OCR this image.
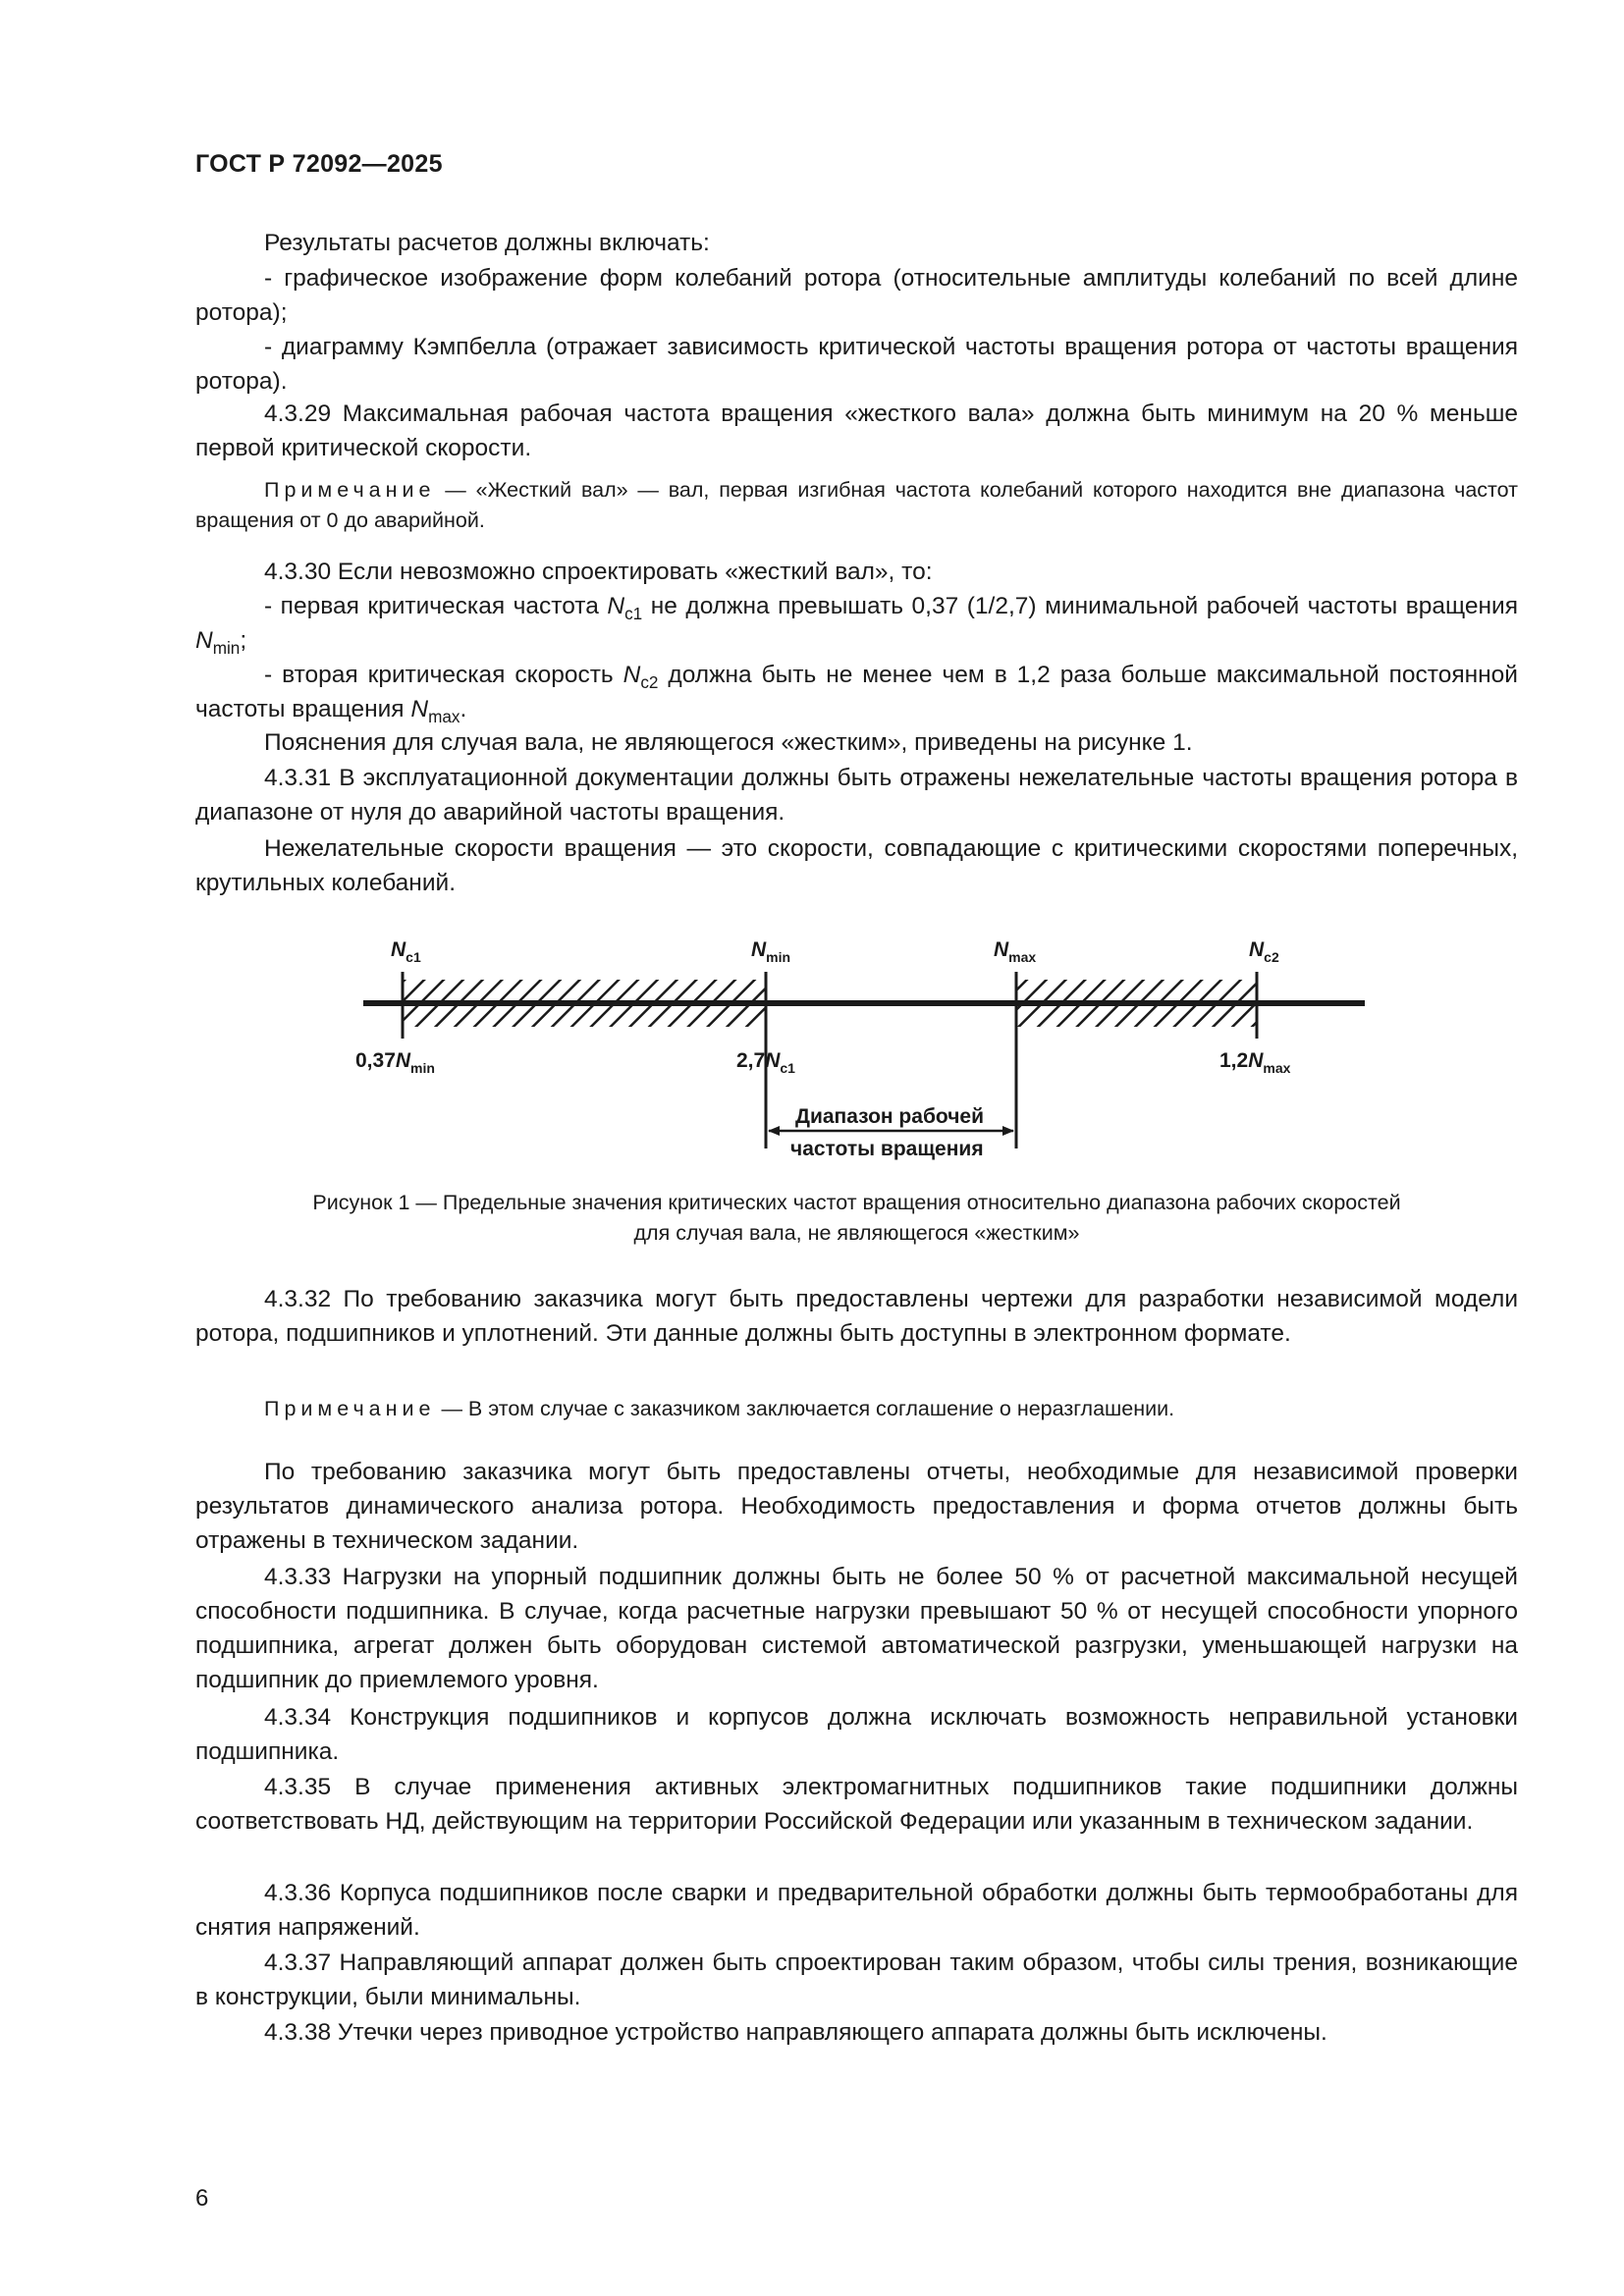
ГОСТ Р 72092—2025

Результаты расчетов должны включать:

- графическое изображение форм колебаний ротора (относительные амплитуды колебаний по всей длине ротора);

- диаграмму Кэмпбелла (отражает зависимость критической частоты вращения ротора от частоты вращения ротора).

4.3.29 Максимальная рабочая частота вращения «жесткого вала» должна быть минимум на 20 % меньше первой критической скорости.

Примечание — «Жесткий вал» — вал, первая изгибная частота колебаний которого находится вне диапазона частот вращения от 0 до аварийной.

4.3.30 Если невозможно спроектировать «жесткий вал», то:

- первая критическая частота $N_{c1}$ не должна превышать 0,37 (1/2,7) минимальной рабочей частоты вращения $N_{min}$;

- вторая критическая скорость $N_{c2}$ должна быть не менее чем в 1,2 раза больше максимальной постоянной частоты вращения $N_{max}$.

Пояснения для случая вала, не являющегося «жестким», приведены на рисунке 1.

4.3.31 В эксплуатационной документации должны быть отражены нежелательные частоты вращения ротора в диапазоне от нуля до аварийной частоты вращения.

Нежелательные скорости вращения — это скорости, совпадающие с критическими скоростями поперечных, крутильных колебаний.

$N_{c1}$	$N_{min}$	$N_{max}$	$N_{c2}$
$0,37N_{min}$	$2,7N_{c1}$	$1,2N_{max}$
Диапазон рабочей
частоты вращения

Рисунок 1 — Предельные значения критических частот вращения относительно диапазона рабочих скоростей

для случая вала, не являющегося «жестким»

4.3.32 По требованию заказчика могут быть предоставлены чертежи для разработки независимой модели ротора, подшипников и уплотнений. Эти данные должны быть доступны в электронном формате.

Примечание — В этом случае с заказчиком заключается соглашение о неразглашении.

По требованию заказчика могут быть предоставлены отчеты, необходимые для независимой проверки результатов динамического анализа ротора. Необходимость предоставления и форма отчетов должны быть отражены в техническом задании.

4.3.33 Нагрузки на упорный подшипник должны быть не более 50 % от расчетной максимальной несущей способности подшипника. В случае, когда расчетные нагрузки превышают 50 % от несущей способности упорного подшипника, агрегат должен быть оборудован системой автоматической разгрузки, уменьшающей нагрузки на подшипник до приемлемого уровня.

4.3.34 Конструкция подшипников и корпусов должна исключать возможность неправильной установки подшипника.

4.3.35 В случае применения активных электромагнитных подшипников такие подшипники должны соответствовать НД, действующим на территории Российской Федерации или указанным в техническом задании.

4.3.36 Корпуса подшипников после сварки и предварительной обработки должны быть термообработаны для снятия напряжений.

4.3.37 Направляющий аппарат должен быть спроектирован таким образом, чтобы силы трения, возникающие в конструкции, были минимальны.

4.3.38 Утечки через приводное устройство направляющего аппарата должны быть исключены.

6
